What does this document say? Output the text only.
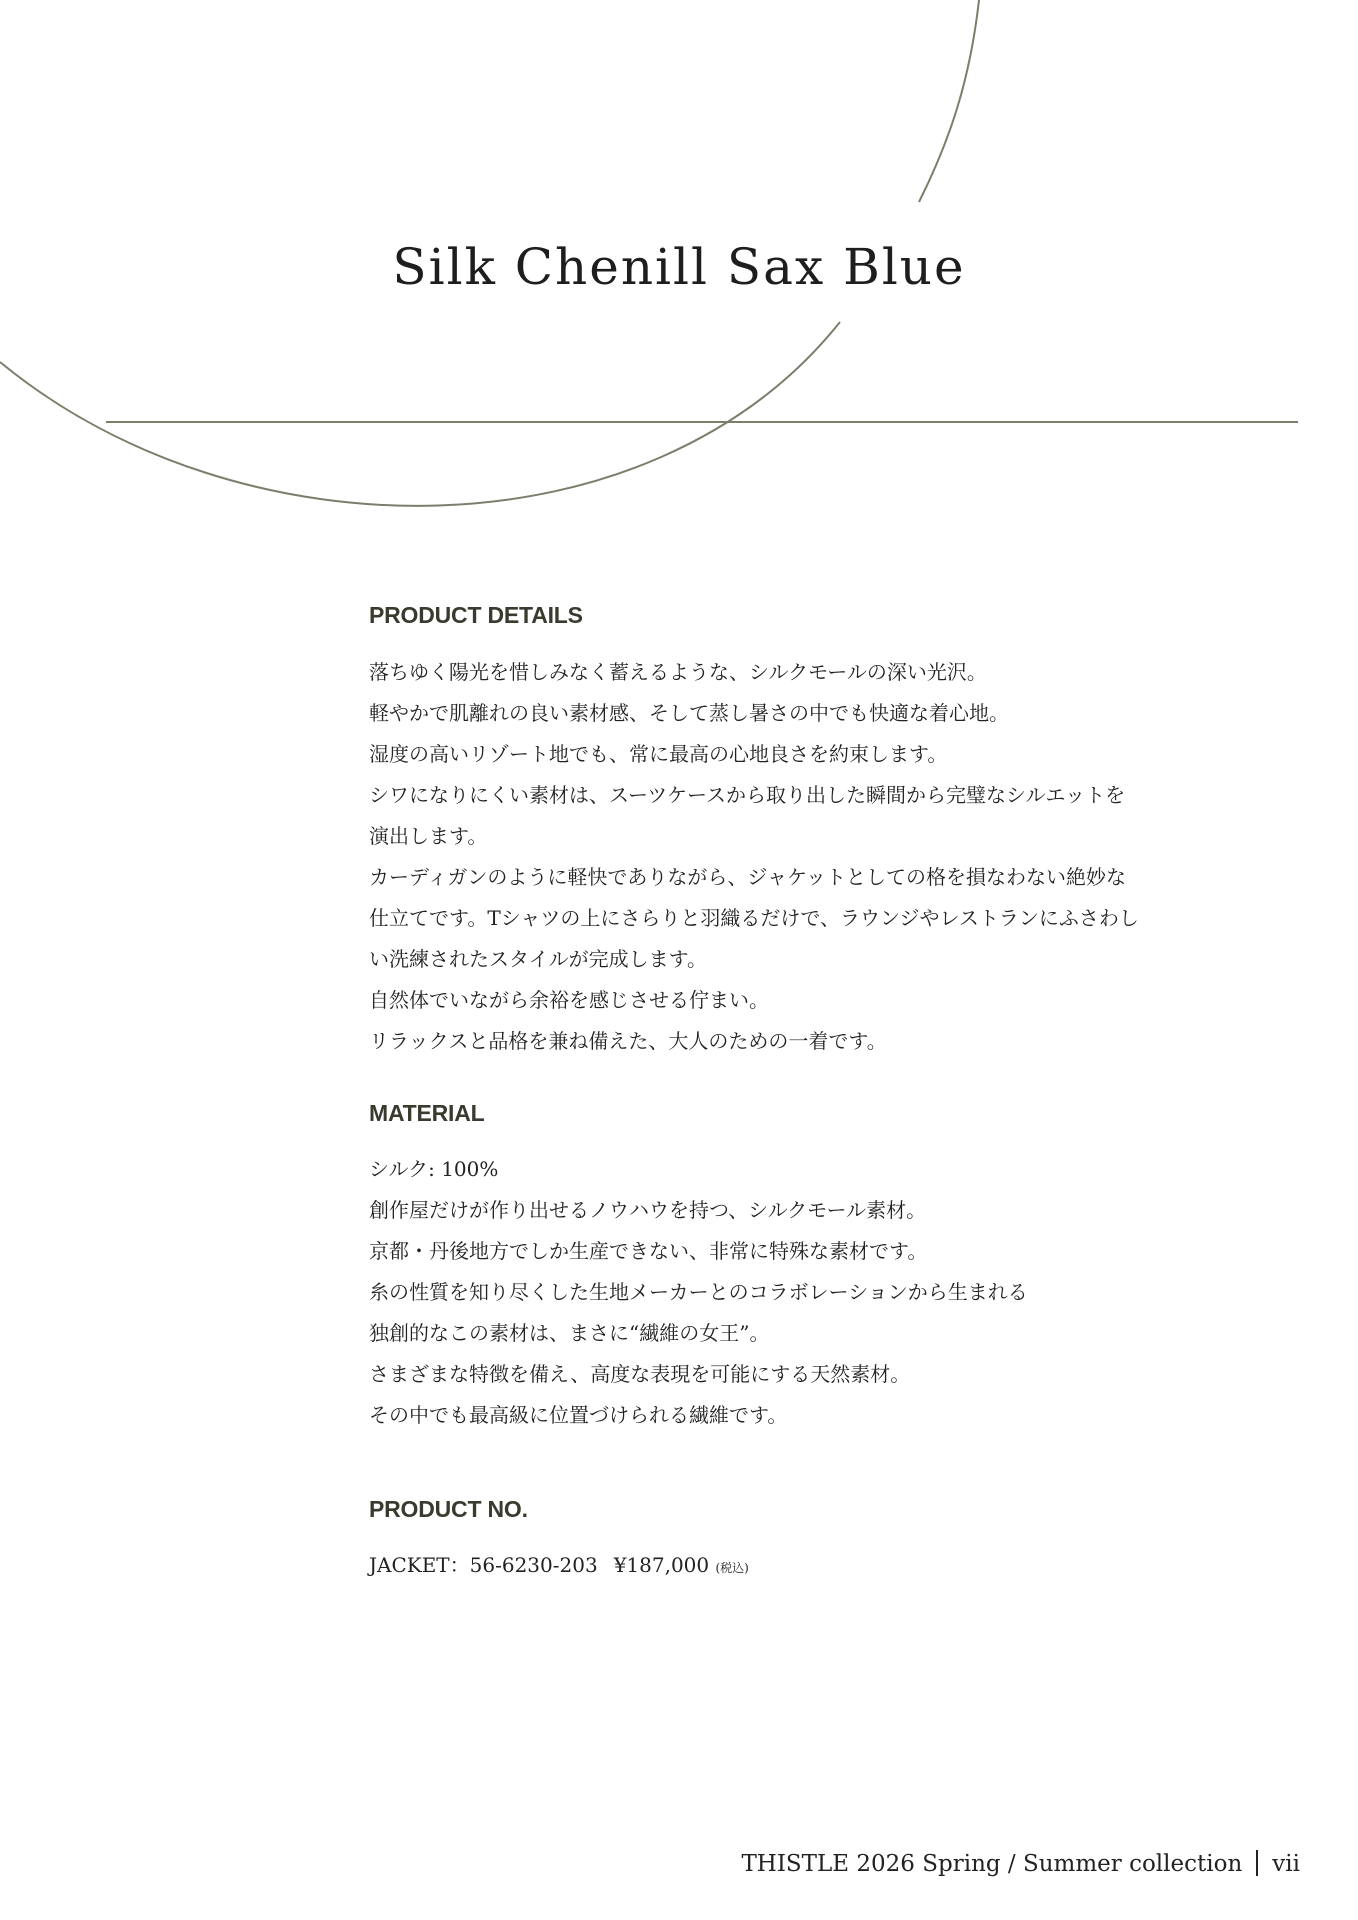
Silk Chenill Sax Blue
PRODUCT DETAILS
落ちゆく陽光を惜しみなく蓄えるような、シルクモールの深い光沢。
軽やかで肌離れの良い素材感、そして蒸し暑さの中でも快適な着心地。
湿度の高いリゾート地でも、常に最高の心地良さを約束します。
シワになりにくい素材は、スーツケースから取り出した瞬間から完璧なシルエットを
演出します。
カーディガンのように軽快でありながら、ジャケットとしての格を損なわない絶妙な
仕立てです。Tシャツの上にさらりと羽織るだけで、ラウンジやレストランにふさわし
い洗練されたスタイルが完成します。
自然体でいながら余裕を感じさせる佇まい。
リラックスと品格を兼ね備えた、大人のための一着です。
MATERIAL
シルク: 100%
創作屋だけが作り出せるノウハウを持つ、シルクモール素材。
京都・丹後地方でしか生産できない、非常に特殊な素材です。
糸の性質を知り尽くした生地メーカーとのコラボレーションから生まれる
独創的なこの素材は、まさに“繊維の女王”。
さまざまな特徴を備え、高度な表現を可能にする天然素材。
その中でも最高級に位置づけられる繊維です。
PRODUCT NO.
JACKET：56-6230-203 ¥187,000 (税込)
THISTLE 2026 Spring / Summer collection vii
